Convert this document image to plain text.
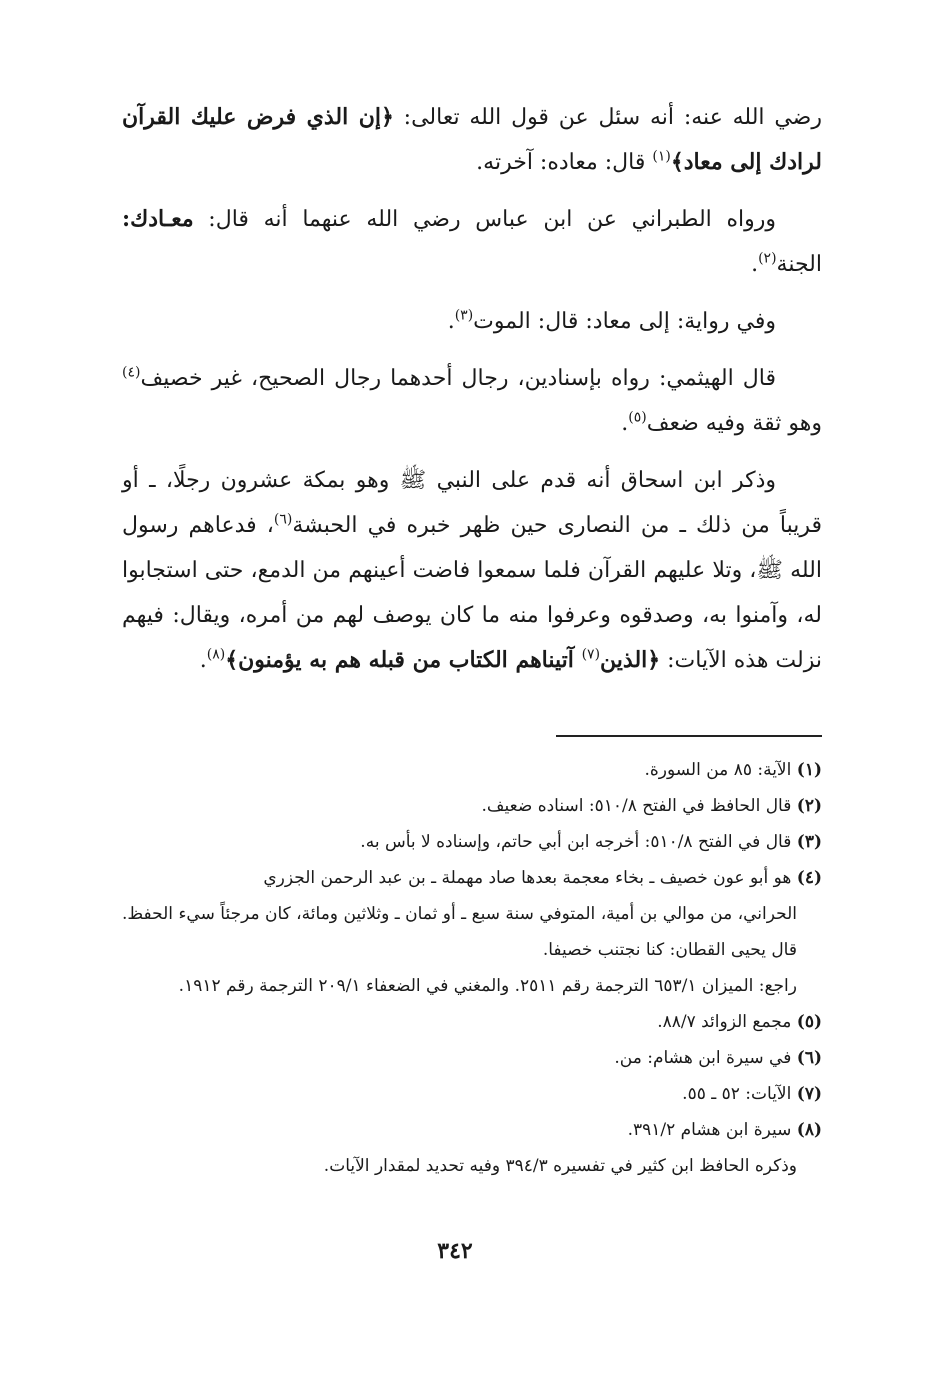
رضي الله عنه: أنه سئل عن قول الله تعالى: ﴿إن الذي فرض عليك القرآن لرادك إلى معاد﴾$^{(١)}$ قال: معاده: آخرته.

ورواه الطبراني عن ابن عباس رضي الله عنهما أنه قال: معـادك: الجنة$^{(٢)}$.

وفي رواية: إلى معاد: قال: الموت$^{(٣)}$.

قال الهيثمي: رواه بإسنادين، رجال أحدهما رجال الصحيح، غير خصيف$^{(٤)}$ وهو ثقة وفيه ضعف$^{(٥)}$.

وذكر ابن اسحاق أنه قدم على النبي ﷺ وهو بمكة عشرون رجلًا، ـ أو قريباً من ذلك ـ من النصارى حين ظهر خبره في الحبشة$^{(٦)}$، فدعاهم رسول الله ﷺ، وتلا عليهم القرآن فلما سمعوا فاضت أعينهم من الدمع، حتى استجابوا له، وآمنوا به، وصدقوه وعرفوا منه ما كان يوصف لهم من أمره، ويقال: فيهم نزلت هذه الآيات: ﴿الذين$^{(٧)}$ آتيناهم الكتاب من قبله هم به يؤمنون﴾$^{(٨)}$.

(١) الآية: ٨٥ من السورة.

(٢) قال الحافظ في الفتح ٥١٠/٨: اسناده ضعيف.

(٣) قال في الفتح ٥١٠/٨: أخرجه ابن أبي حاتم، وإسناده لا بأس به.

(٤) هو أبو عون خصيف ـ بخاء معجمة بعدها صاد مهملة ـ بن عبد الرحمن الجزري

الحراني، من موالي بن أمية، المتوفي سنة سبع ـ أو ثمان ـ وثلاثين ومائة، كان مرجئاً سيء الحفظ. قال يحيى القطان: كنا نجتنب خصيفا.

راجع: الميزان ٦٥٣/١ الترجمة رقم ٢٥١١. والمغني في الضعفاء ٢٠٩/١ الترجمة رقم ١٩١٢.

(٥) مجمع الزوائد ٨٨/٧.

(٦) في سيرة ابن هشام: من.

(٧) الآيات: ٥٢ ـ ٥٥.

(٨) سيرة ابن هشام ٣٩١/٢.

وذكره الحافظ ابن كثير في تفسيره ٣٩٤/٣ وفيه تحديد لمقدار الآيات.

٣٤٢
